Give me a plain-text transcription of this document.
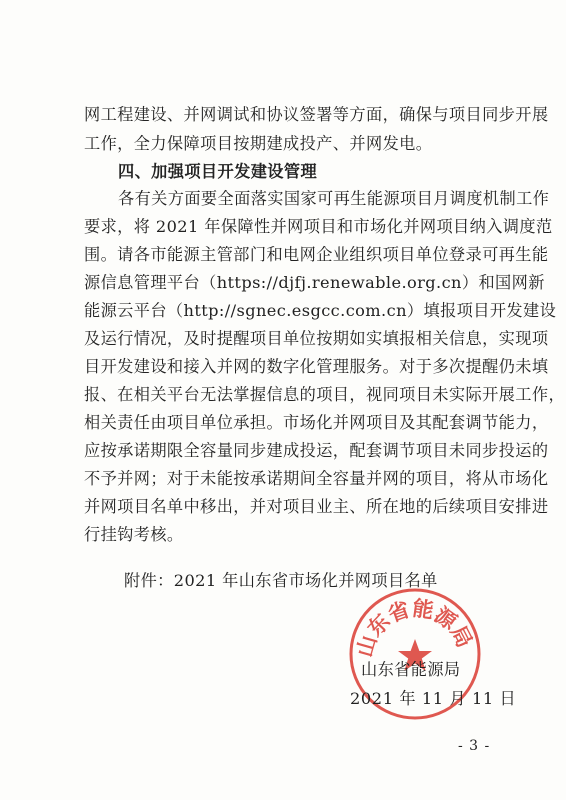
网工程建设、并网调试和协议签署等方面，确保与项目同步开展
工作，全力保障项目按期建成投产、并网发电。
四、加强项目开发建设管理
各有关方面要全面落实国家可再生能源项目月调度机制工作
要求，将 2021 年保障性并网项目和市场化并网项目纳入调度范
围。请各市能源主管部门和电网企业组织项目单位登录可再生能
源信息管理平台（https://djfj.renewable.org.cn）和国网新
能源云平台（http://sgnec.esgcc.com.cn）填报项目开发建设
及运行情况，及时提醒项目单位按期如实填报相关信息，实现项
目开发建设和接入并网的数字化管理服务。对于多次提醒仍未填
报、在相关平台无法掌握信息的项目，视同项目未实际开展工作，
相关责任由项目单位承担。市场化并网项目及其配套调节能力，
应按承诺期限全容量同步建成投运，配套调节项目未同步投运的
不予并网；对于未能按承诺期间全容量并网的项目，将从市场化
并网项目名单中移出，并对项目业主、所在地的后续项目安排进
行挂钩考核。
附件：2021 年山东省市场化并网项目名单
山东省能源局
山东省能源局
2021 年 11 月 11 日
- 3 -
